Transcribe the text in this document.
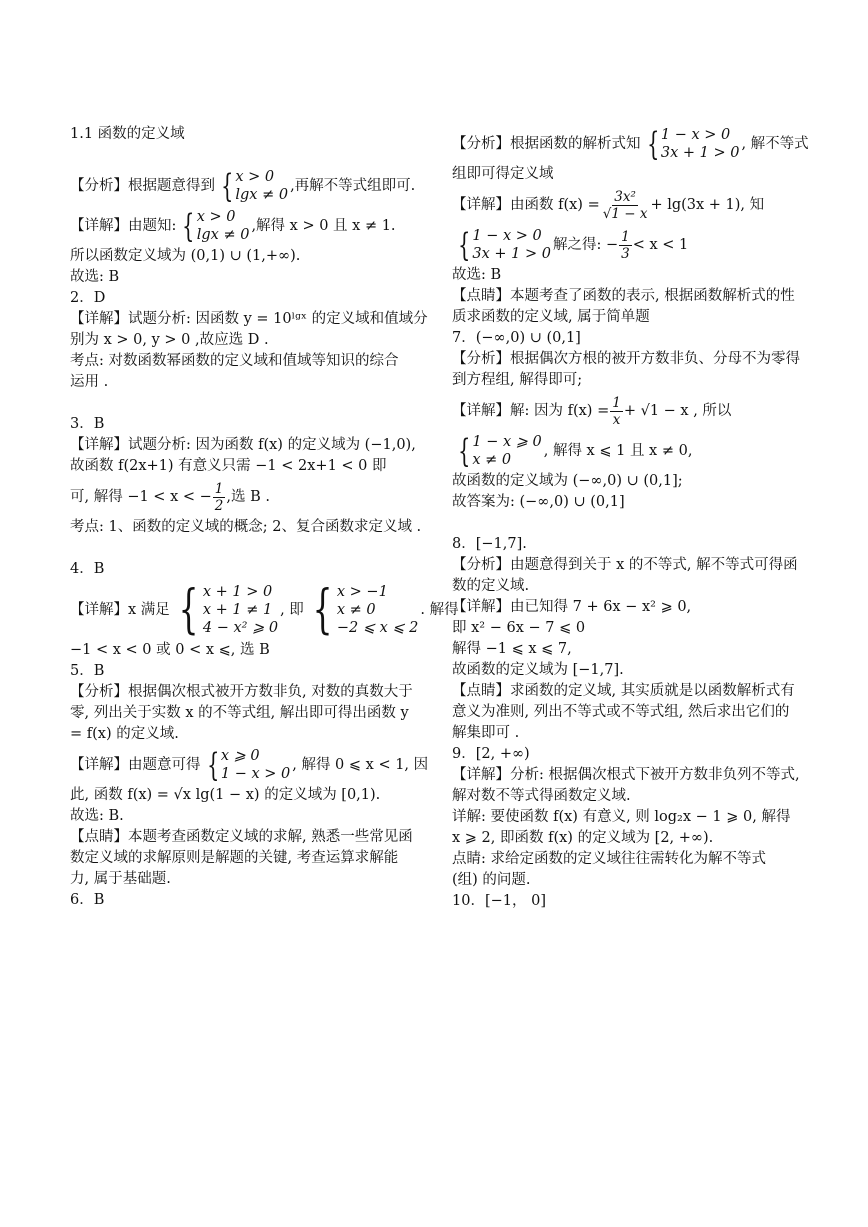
1.1 函数的定义域

【分析】根据题意得到 { x > 0
lgx ≠ 0
,再解不等式组即可.

【详解】由题知: { x > 0
lgx ≠ 0
,解得 x > 0 且 x ≠ 1.

所以函数定义域为 (0,1) ∪ (1,+∞).

故选: B

2．D

【详解】试题分析: 因函数 y = 10ˡᵍˣ 的定义域和值域分

别为 x > 0, y > 0 ,故应选 D .

考点: 对数函数幂函数的定义域和值域等知识的综合

运用 .

3．B

【详解】试题分析: 因为函数 f(x) 的定义域为 (−1,0),

故函数 f(2x+1) 有意义只需 −1 < 2x+1 < 0 即

可, 解得 −1 < x < − $\frac{1}{2}$ ,选 B .

考点: 1、函数的定义域的概念; 2、复合函数求定义域 .

4．B

【详解】x 满足 { x + 1 > 0
x + 1 ≠ 1
4 − x² ⩾ 0
, 即 { x > −1
x ≠ 0
−2 ⩽ x ⩽ 2
. 解得

−1 < x < 0 或 0 < x ⩽, 选 B

5．B

【分析】根据偶次根式被开方数非负, 对数的真数大于

零, 列出关于实数 x 的不等式组, 解出即可得出函数 y

= f(x) 的定义域.

【详解】由题意可得 { x ⩾ 0
1 − x > 0
, 解得 0 ⩽ x < 1, 因

此, 函数 f(x) = √x lg(1 − x) 的定义域为 [0,1).

故选: B.

【点睛】本题考查函数定义域的求解, 熟悉一些常见函

数定义域的求解原则是解题的关键, 考查运算求解能

力, 属于基础题.

6．B

【分析】根据函数的解析式知 { 1 − x > 0
3x + 1 > 0
, 解不等式

组即可得定义域

【详解】由函数 $f(x) = \frac{\text{3x²}}{√1 - x} + \lg(3x + 1)$, 知

{ 1 − x > 0
3x + 1 > 0
解之得: − $\frac{1}{3} < x < 1$

故选: B

【点睛】本题考查了函数的表示, 根据函数解析式的性

质求函数的定义域, 属于简单题

7．(−∞,0) ∪ (0,1]

【分析】根据偶次方根的被开方数非负、分母不为零得

到方程组, 解得即可;

【详解】解: 因为 $f(x) = \frac{1}{x} + √1 - x$ , 所以

{ 1 − x ⩾ 0
x ≠ 0
, 解得 x ⩽ 1 且 x ≠ 0,

故函数的定义域为 (−∞,0) ∪ (0,1];

故答案为: (−∞,0) ∪ (0,1]

8．[−1,7].

【分析】由题意得到关于 x 的不等式, 解不等式可得函

数的定义域.

【详解】由已知得 7 + 6x − x² ⩾ 0,

即 x² − 6x − 7 ⩽ 0

解得 −1 ⩽ x ⩽ 7,

故函数的定义域为 [−1,7].

【点睛】求函数的定义域, 其实质就是以函数解析式有

意义为准则, 列出不等式或不等式组, 然后求出它们的

解集即可 .

9．[2, +∞)

【详解】分析: 根据偶次根式下被开方数非负列不等式,

解对数不等式得函数定义域.

详解: 要使函数 f(x) 有意义, 则 log₂x − 1 ⩾ 0, 解得

x ⩾ 2, 即函数 f(x) 的定义域为 [2, +∞).

点睛: 求给定函数的定义域往往需转化为解不等式

(组) 的问题.

10．[−1， 0]
